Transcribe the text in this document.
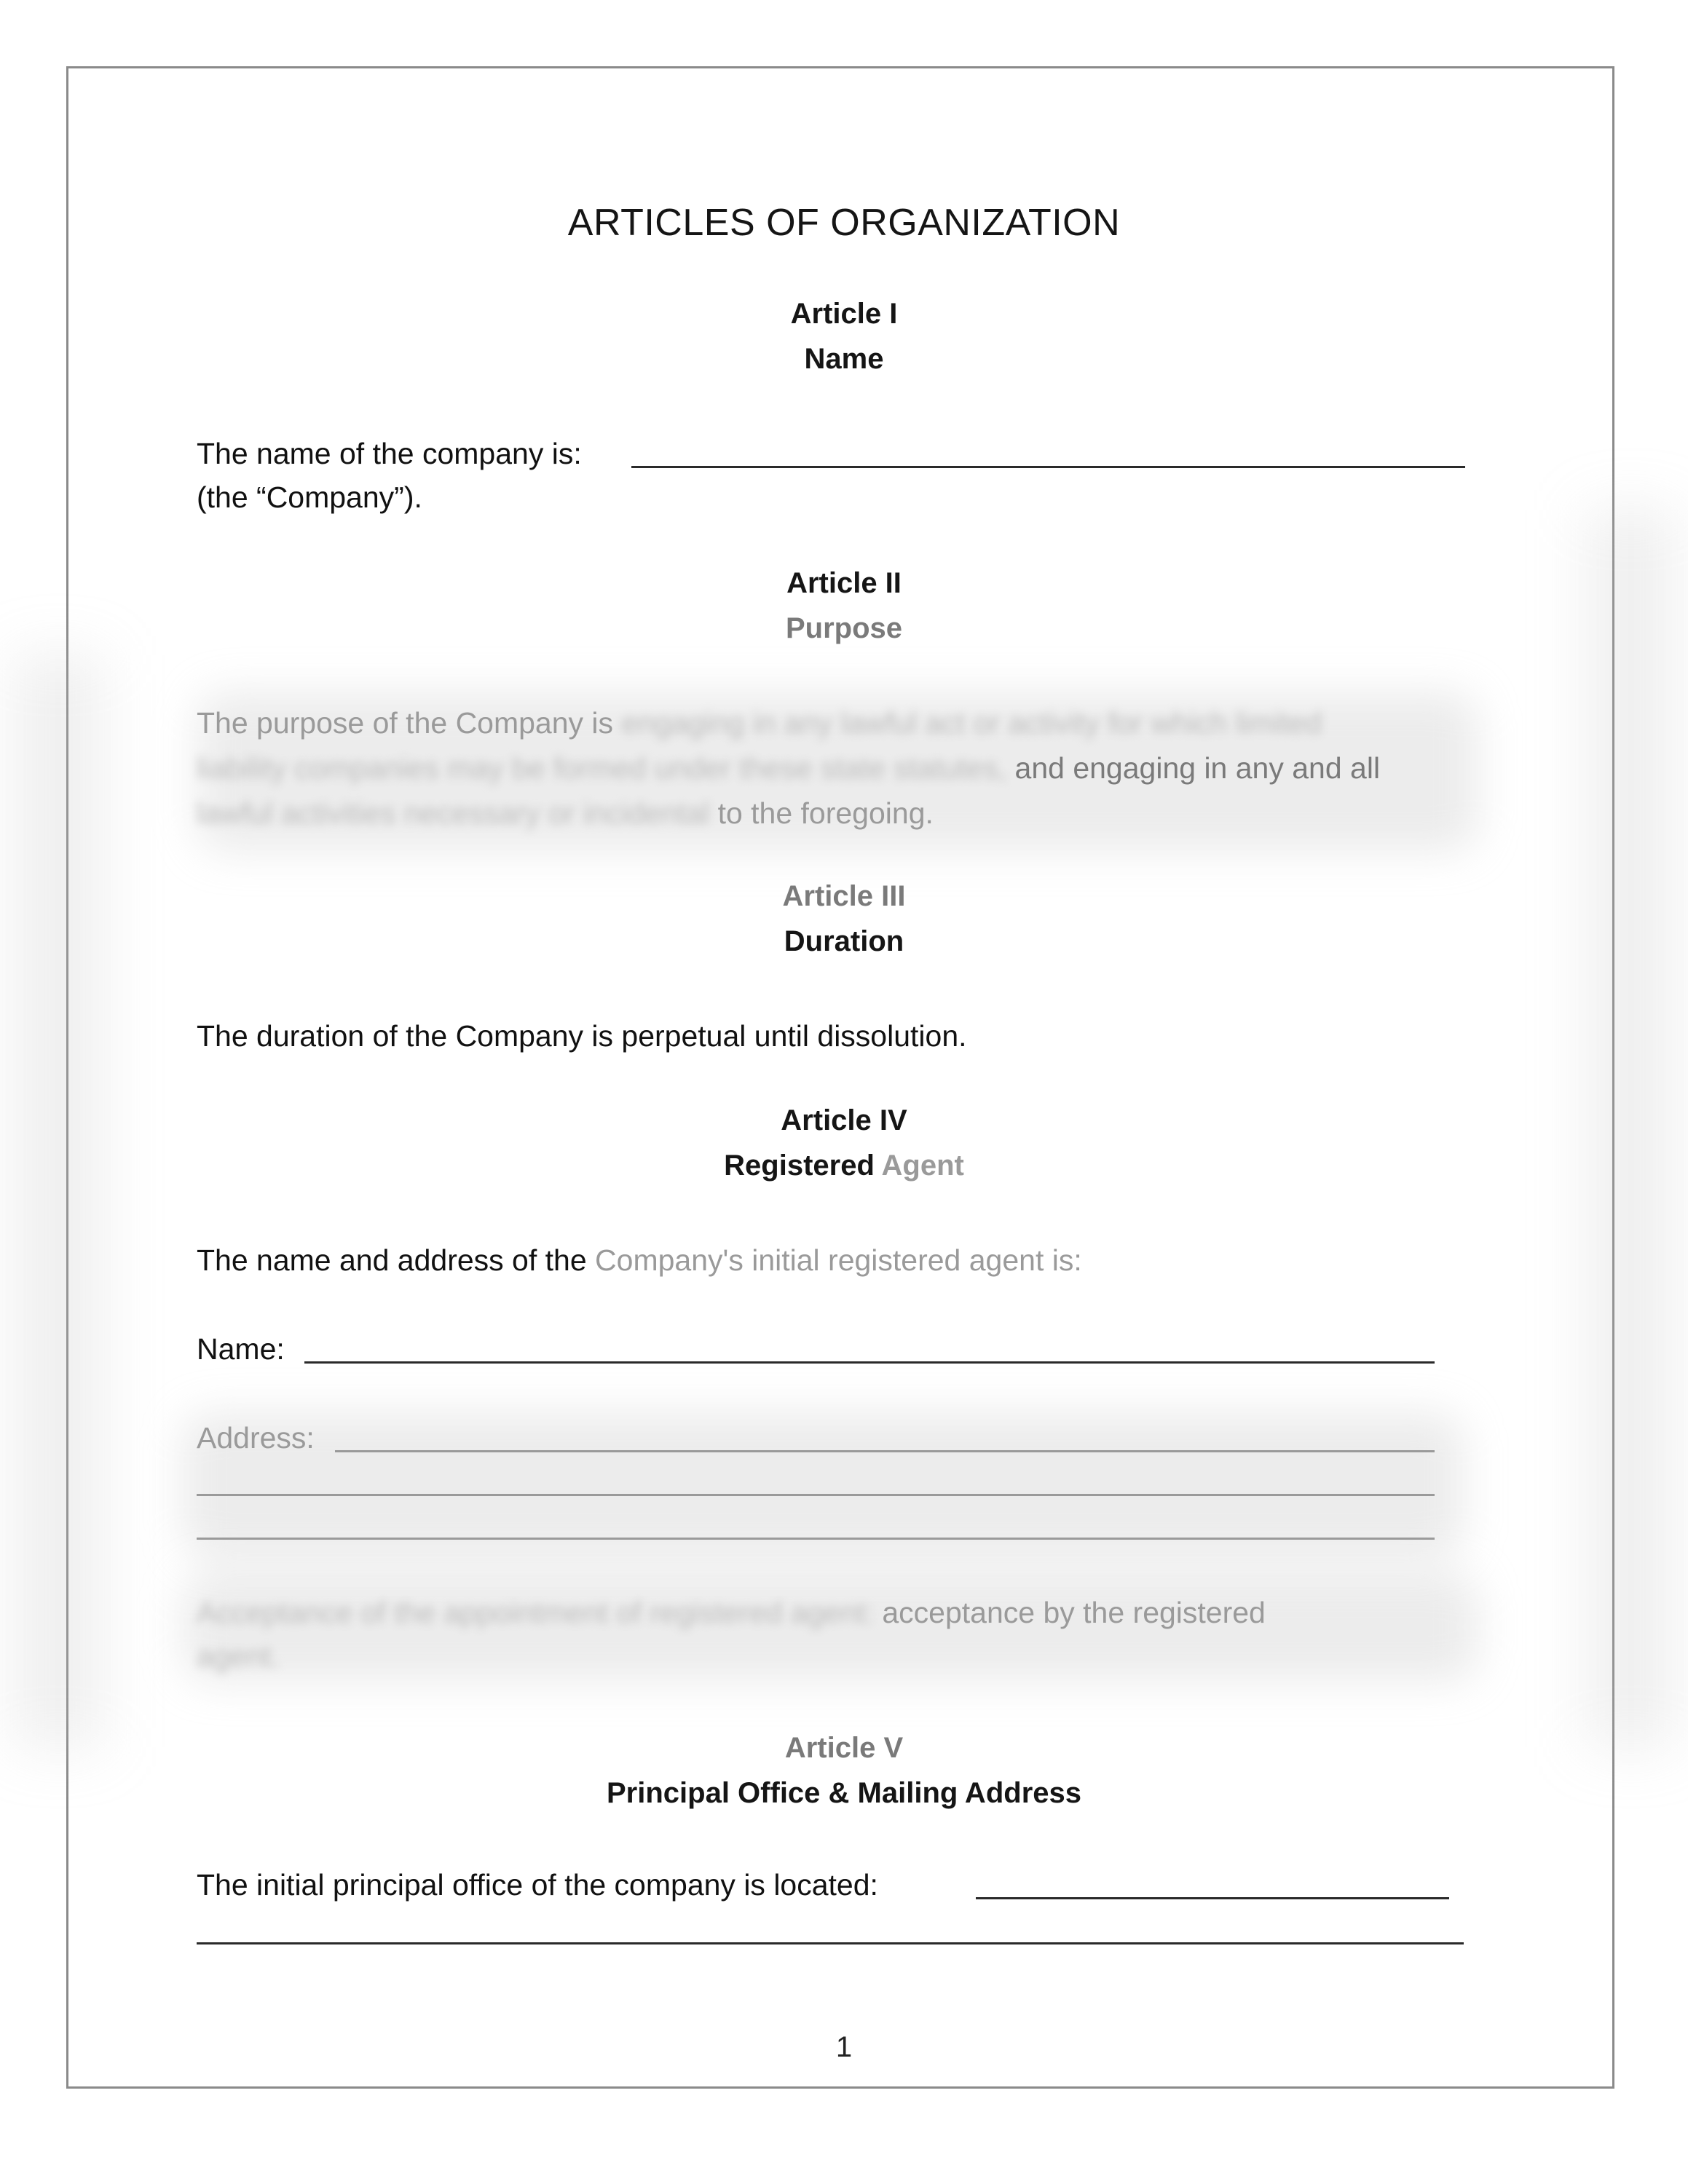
ARTICLES OF ORGANIZATION
Article I
Name
The name of the company is:
(the “Company”).
Article II
Purpose
The purpose of the Company is engaging in any lawful act or activity for which limited
liability companies may be formed under these state statutes, and engaging in any and all
lawful activities necessary or incidental to the foregoing.
Article III
Duration
The duration of the Company is perpetual until dissolution.
Article IV
Registered Agent
The name and address of the Company's initial registered agent is:
Name:
Address:
Acceptance of the appointment of registered agent: acceptance by the registered
agent.
Article V
Principal Office & Mailing Address
The initial principal office of the company is located:
1
